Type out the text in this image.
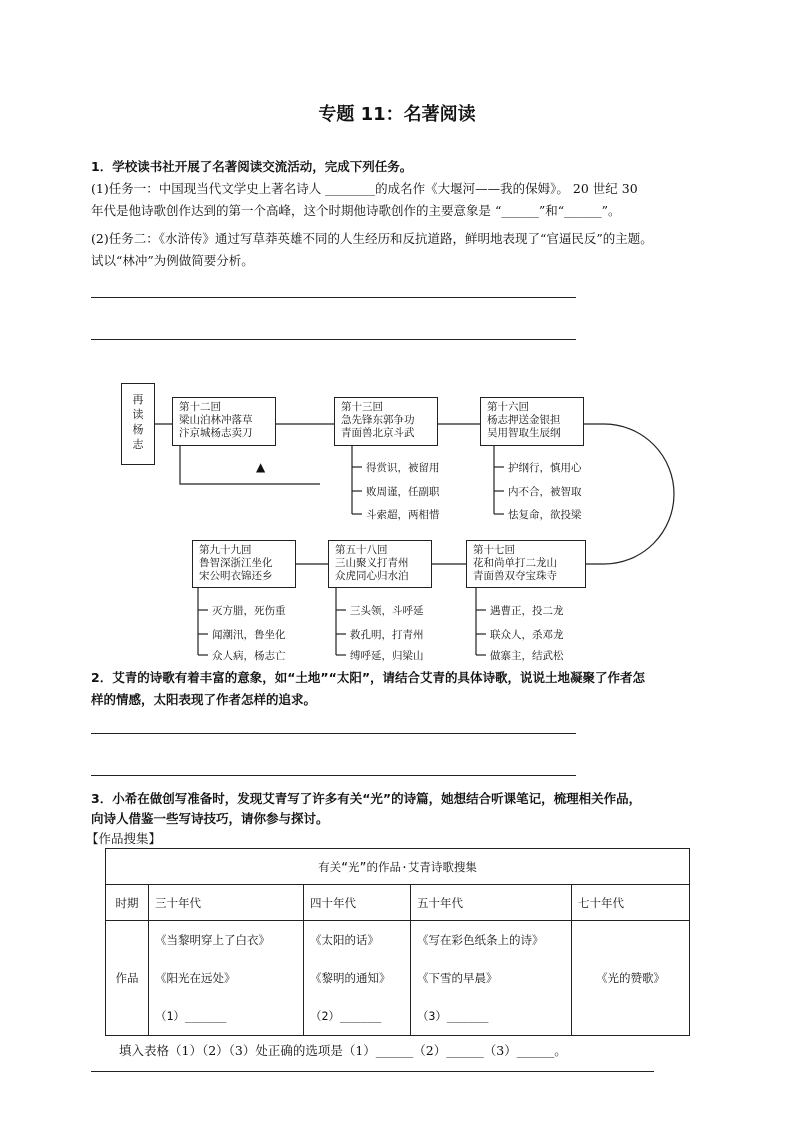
专题 11：名著阅读
1．学校读书社开展了名著阅读交流活动，完成下列任务。
(1)任务一：中国现当代文学史上著名诗人 ________的成名作《大堰河——我的保姆》。 20 世纪 30
年代是他诗歌创作达到的第一个高峰，这个时期他诗歌创作的主要意象是 “______”和“______”。
(2)任务二：《水浒传》通过写草莽英雄不同的人生经历和反抗道路，鲜明地表现了“官逼民反”的主题。
试以“林冲”为例做简要分析。
再读杨志
第十二回
梁山泊林冲落草
汴京城杨志卖刀
第十三回
急先锋东郭争功
青面兽北京斗武
第十六回
杨志押送金银担
吴用智取生辰纲
第十七回
花和尚单打二龙山
青面兽双夺宝珠寺
第五十八回
三山聚义打青州
众虎同心归水泊
第九十九回
鲁智深浙江坐化
宋公明衣锦还乡
▲	得赏识，被留用
败周谨，任副职
斗索超，两相惜
护纲行，慎用心
内不合，被智取
怯复命，欲投梁
遇曹正，投二龙
联众人，杀邓龙
做寨主，结武松
三头领，斗呼延
救孔明，打青州
缚呼延，归梁山
灭方腊，死伤重
闻潮汛，鲁坐化
众人病，杨志亡
2．艾青的诗歌有着丰富的意象，如“土地”“太阳”，请结合艾青的具体诗歌，说说土地凝聚了作者怎
样的情感，太阳表现了作者怎样的追求。
3．小希在做创写准备时，发现艾青写了许多有关“光”的诗篇，她想结合听课笔记，梳理相关作品，
向诗人借鉴一些写诗技巧，请你参与探讨。
【作品搜集】
有关“光”的作品·艾青诗歌搜集				
时期	三十年代	四十年代	五十年代	七十年代
作品	《当黎明穿上了白衣》	《太阳的话》	《写在彩色纸条上的诗》	《光的赞歌》
	《阳光在远处》	《黎明的通知》	《下雪的早晨》	
	（1）______	（2）______	（3）______	
填入表格（1）（2）（3）处正确的选项是（1）______（2）______（3）______。
